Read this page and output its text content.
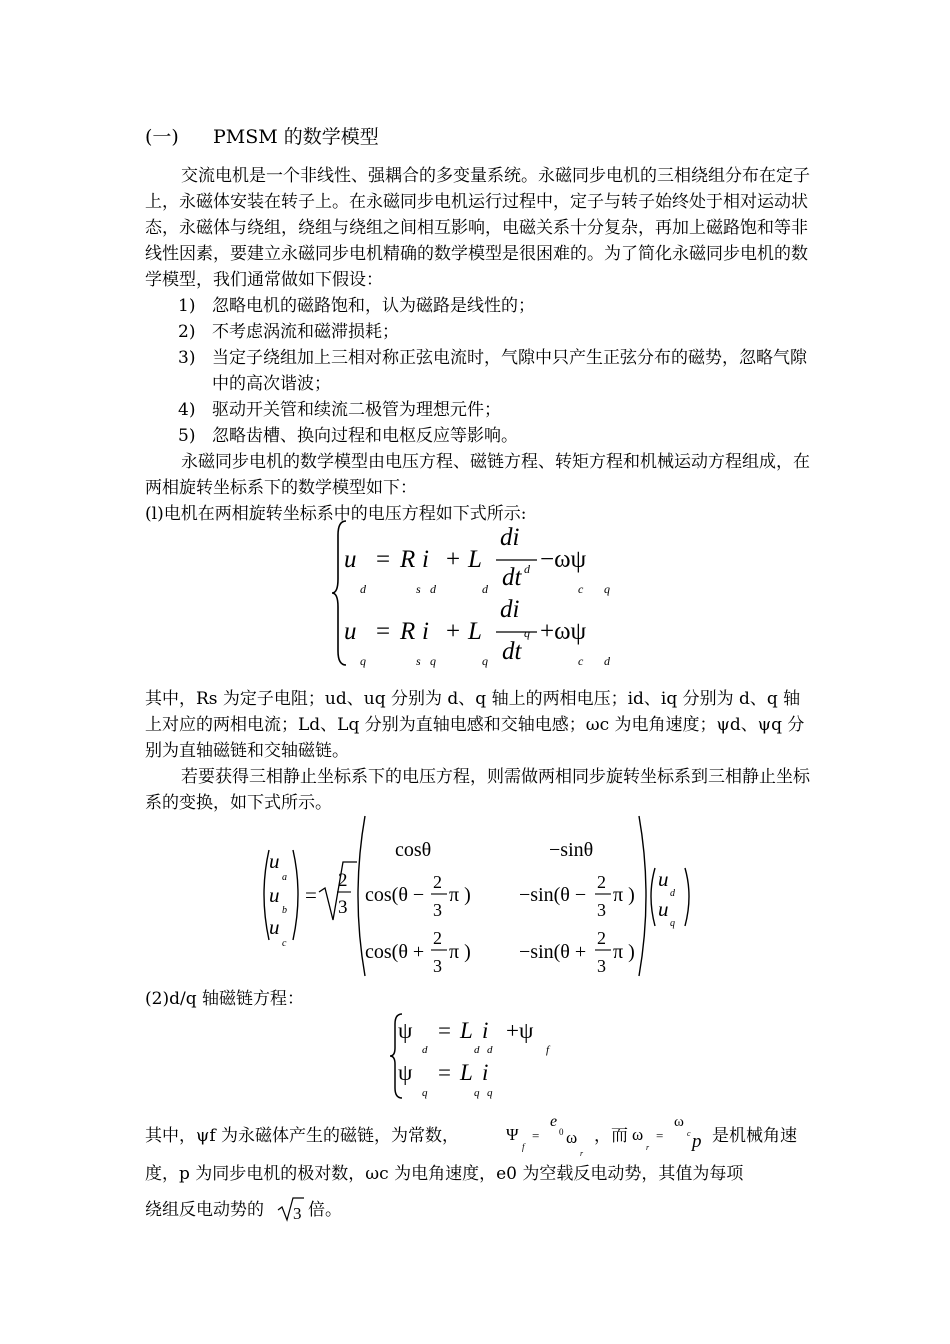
(一) PMSM 的数学模型

交流电机是一个非线性、强耦合的多变量系统。永磁同步电机的三相绕组分布在定子上，永磁体安装在转子上。在永磁同步电机运行过程中，定子与转子始终处于相对运动状态，永磁体与绕组，绕组与绕组之间相互影响，电磁关系十分复杂，再加上磁路饱和等非线性因素，要建立永磁同步电机精确的数学模型是很困难的。为了简化永磁同步电机的数学模型，我们通常做如下假设：

1) 忽略电机的磁路饱和，认为磁路是线性的；
2) 不考虑涡流和磁滞损耗；
3) 当定子绕组加上三相对称正弦电流时，气隙中只产生正弦分布的磁势，忽略气隙中的高次谐波；
4) 驱动开关管和续流二极管为理想元件；
5) 忽略齿槽、换向过程和电枢反应等影响。

永磁同步电机的数学模型由电压方程、磁链方程、转矩方程和机械运动方程组成，在两相旋转坐标系下的数学模型如下：

(l)电机在两相旋转坐标系中的电压方程如下式所示:

u
d
= R i
s d
+ L
d
di
d
dt
−ωψ
c q
u
q
= R i
s q
+ L
q
di
q
dt
+ωψ
c d

其中，Rs 为定子电阻；ud、uq 分别为 d、q 轴上的两相电压；id、iq 分别为 d、q 轴上对应的两相电流；Ld、Lq 分别为直轴电感和交轴电感；ωc 为电角速度；ψd、ψq 分别为直轴磁链和交轴磁链。

若要获得三相静止坐标系下的电压方程，则需做两相同步旋转坐标系到三相静止坐标系的变换，如下式所示。

u
a
u
b
u
c
=
2
3
cosθ	−sinθ
cos(θ −
2
3
π ) −sin(θ −
2
3
π )
cos(θ +
2
3
π ) −sin(θ +
2
3
π )
u
d
u
q

(2)d/q 轴磁链方程：

ψ
d
= L i
d d
+ψ
f
ψ
q
= L i
q q
其中，ψf 为永磁体产生的磁链，为常数，	Ψ
f
=
e
0 ω
r
，而 ω
r
=
ω
c p 是机械角速

度，p 为同步电机的极对数，ωc 为电角速度，e0 为空载反电动势，其值为每项

绕组反电动势的 3 倍。
